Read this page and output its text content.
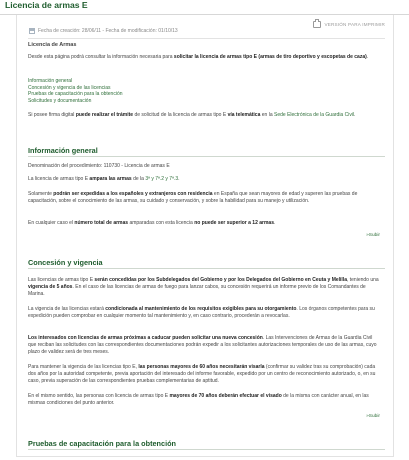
Licencia de armas E
VERSIÓN PARA IMPRIMIR
Fecha de creación: 28/06/11 - Fecha de modificación: 01/10/13
Licencia de Armas

Desde esta página podrá consultar la información necesaria para solicitar la licencia de armas tipo E (armas de tiro deportivo y escopetas de caza).

Información general
Concesión y vigencia de las licencias
Pruebas de capacitación para la obtención
Solicitudes y documentación

Si posee firma digital puede realizar el trámite de solicitud de la licencia de armas tipo E vía telemática en la Sede Electrónica de la Guardia Civil.

Información general

Denominación del procedimiento: 110730 - Licencia de armas E

La licencia de armas tipo E ampara las armas de la 3ª y 7ª.2 y 7ª.3.

Solamente podrán ser expedidas a los españoles y extranjeros con residencia en España que sean mayores de edad y superen las pruebas de capacitación, sobre el conocimiento de las armas, su cuidado y conservación, y sobre la habilidad para su manejo y utilización.

En cualquier caso el número total de armas amparadas con esta licencia no puede ser superior a 12 armas.

»Subir
Concesión y vigencia

Las licencias de armas tipo E serán concedidas por los Subdelegados del Gobierno y por los Delegados del Gobierno en Ceuta y Melilla, teniendo una vigencia de 5 años. En el caso de las licencias de armas de fuego para lanzar cabos, su concesión requerirá un informe previo de los Comandantes de Marina.

La vigencia de las licencias estará condicionada al mantenimiento de los requisitos exigibles para su otorgamiento. Los órganos competentes para su expedición pueden comprobar en cualquier momento tal mantenimiento y, en caso contrario, procederán a revocarlas.

Los interesados con licencias de armas próximas a caducar pueden solicitar una nueva concesión. Las Intervenciones de Armas de la Guardia Civil que reciban las solicitudes con las correspondientes documentaciones podrán expedir a los solicitantes autorizaciones temporales de uso de las armas, cuyo plazo de validez será de tres meses.

Para mantener la vigencia de las licencias tipo E, las personas mayores de 60 años necesitarán visarla (confirmar su validez tras su comprobación) cada dos años por la autoridad competente, previa aportación del interesado del informe favorable, expedido por un centro de reconocimiento autorizado, o, en su caso, previa superación de las correspondientes pruebas complementarias de aptitud.

En el mismo sentido, las personas con licencia de armas tipo E mayores de 70 años deberán efectuar el visado de la misma con carácter anual, en las mismas condiciones del punto anterior.

»Subir
Pruebas de capacitación para la obtención
